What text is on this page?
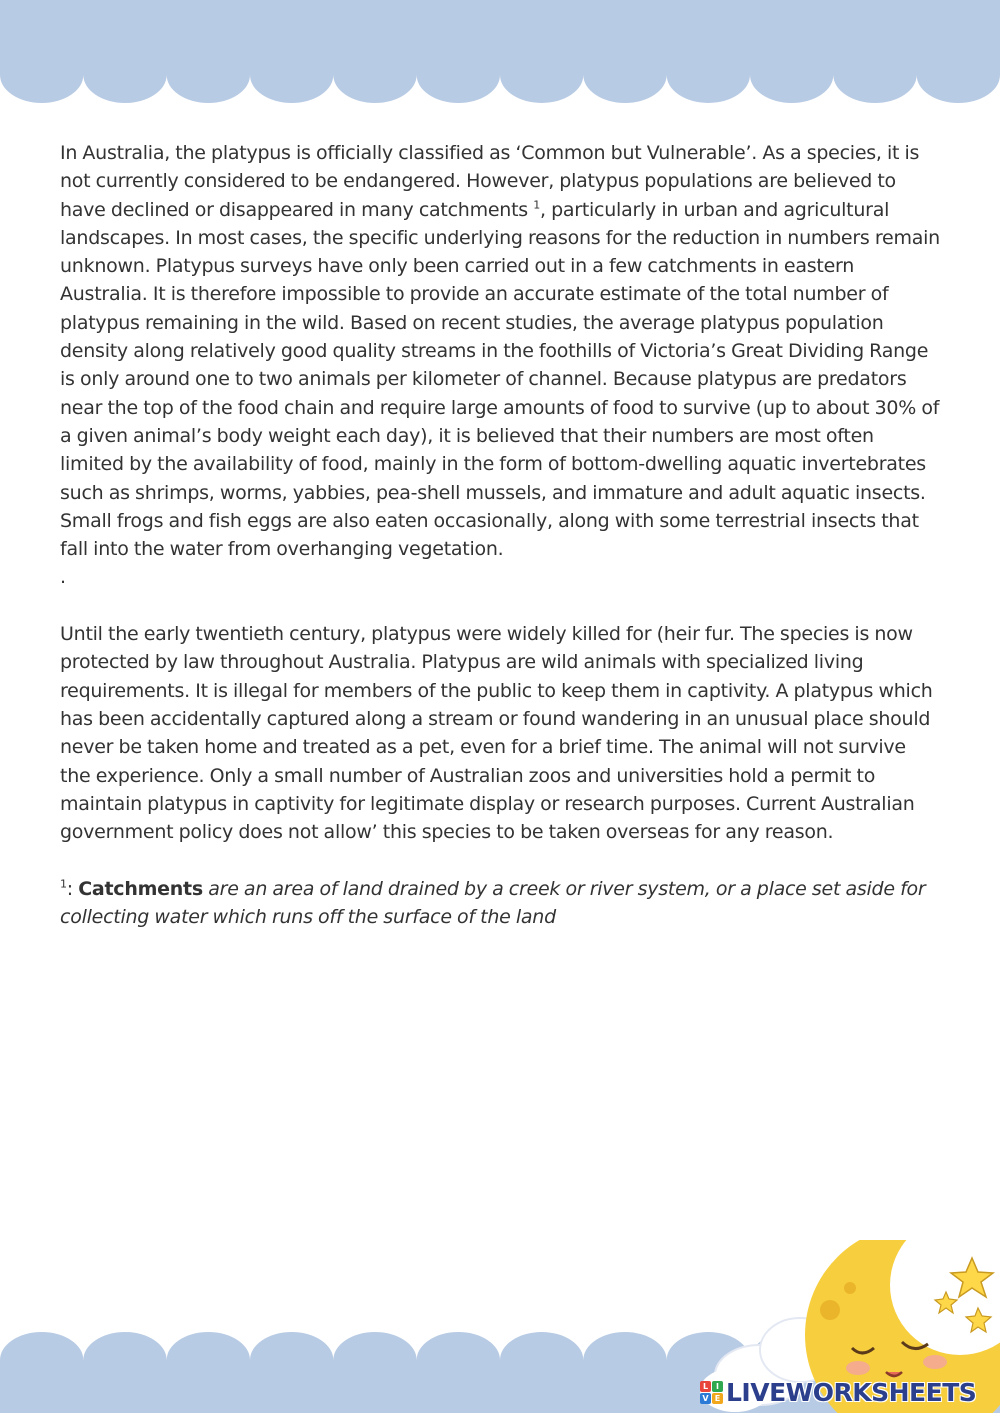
In Australia, the platypus is officially classified as ‘Common but Vulnerable’. As a species, it is not currently considered to be endangered. However, platypus populations are believed to have declined or disappeared in many catchments $^1$, particularly in urban and agricultural landscapes. In most cases, the specific underlying reasons for the reduction in numbers remain unknown. Platypus surveys have only been carried out in a few catchments in eastern Australia. It is therefore impossible to provide an accurate estimate of the total number of platypus remaining in the wild. Based on recent studies, the average platypus population density along relatively good quality streams in the foothills of Victoria’s Great Dividing Range is only around one to two animals per kilometer of channel. Because platypus are predators near the top of the food chain and require large amounts of food to survive (up to about 30% of a given animal’s body weight each day), it is believed that their numbers are most often limited by the availability of food, mainly in the form of bottom-dwelling aquatic invertebrates such as shrimps, worms, yabbies, pea-shell mussels, and immature and adult aquatic insects. Small frogs and fish eggs are also eaten occasionally, along with some terrestrial insects that fall into the water from overhanging vegetation.

.

Until the early twentieth century, platypus were widely killed for (heir fur. The species is now protected by law throughout Australia. Platypus are wild animals with specialized living requirements. It is illegal for members of the public to keep them in captivity. A platypus which has been accidentally captured along a stream or found wandering in an unusual place should never be taken home and treated as a pet, even for a brief time. The animal will not survive the experience. Only a small number of Australian zoos and universities hold a permit to maintain platypus in captivity for legitimate display or research purposes. Current Australian government policy does not allow’ this species to be taken overseas for any reason.

$^1$: Catchments are an area of land drained by a creek or river system, or a place set aside for collecting water which runs off the surface of the land

L I
V E LIVEWORKSHEETS
